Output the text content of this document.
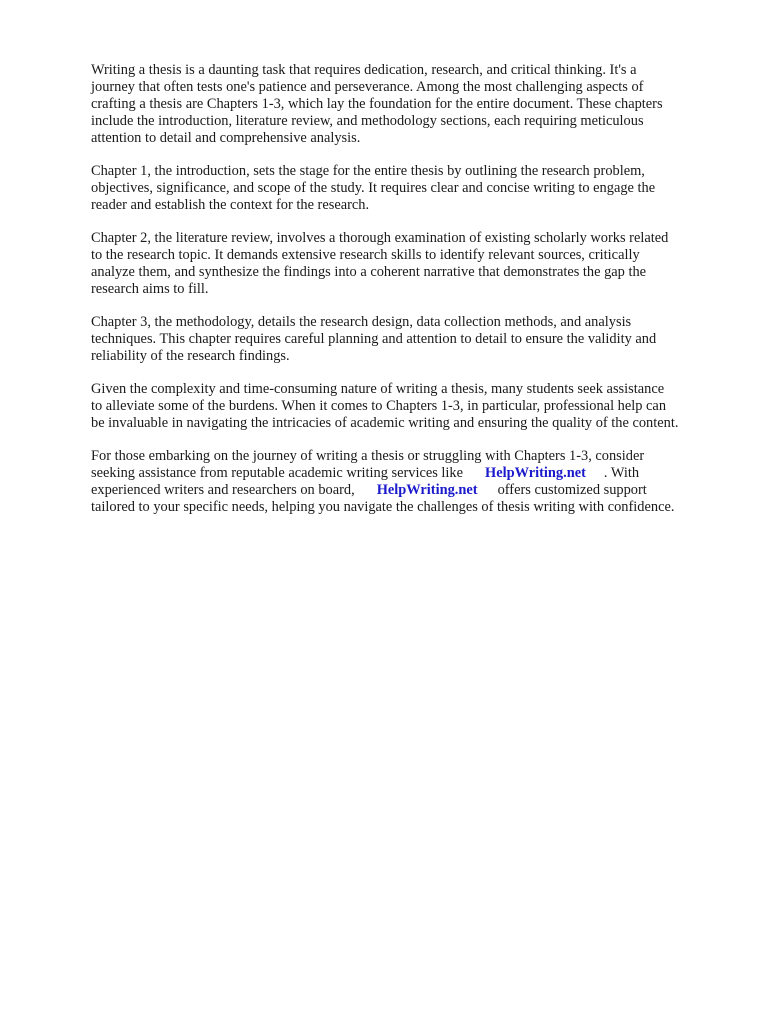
Writing a thesis is a daunting task that requires dedication, research, and critical thinking. It's a
journey that often tests one's patience and perseverance. Among the most challenging aspects of
crafting a thesis are Chapters 1-3, which lay the foundation for the entire document. These chapters
include the introduction, literature review, and methodology sections, each requiring meticulous
attention to detail and comprehensive analysis.

Chapter 1, the introduction, sets the stage for the entire thesis by outlining the research problem,
objectives, significance, and scope of the study. It requires clear and concise writing to engage the
reader and establish the context for the research.

Chapter 2, the literature review, involves a thorough examination of existing scholarly works related
to the research topic. It demands extensive research skills to identify relevant sources, critically
analyze them, and synthesize the findings into a coherent narrative that demonstrates the gap the
research aims to fill.

Chapter 3, the methodology, details the research design, data collection methods, and analysis
techniques. This chapter requires careful planning and attention to detail to ensure the validity and
reliability of the research findings.

Given the complexity and time-consuming nature of writing a thesis, many students seek assistance
to alleviate some of the burdens. When it comes to Chapters 1-3, in particular, professional help can
be invaluable in navigating the intricacies of academic writing and ensuring the quality of the content.

For those embarking on the journey of writing a thesis or struggling with Chapters 1-3, consider
seeking assistance from reputable academic writing services like HelpWriting.net . With
experienced writers and researchers on board, HelpWriting.net offers customized support
tailored to your specific needs, helping you navigate the challenges of thesis writing with confidence.
